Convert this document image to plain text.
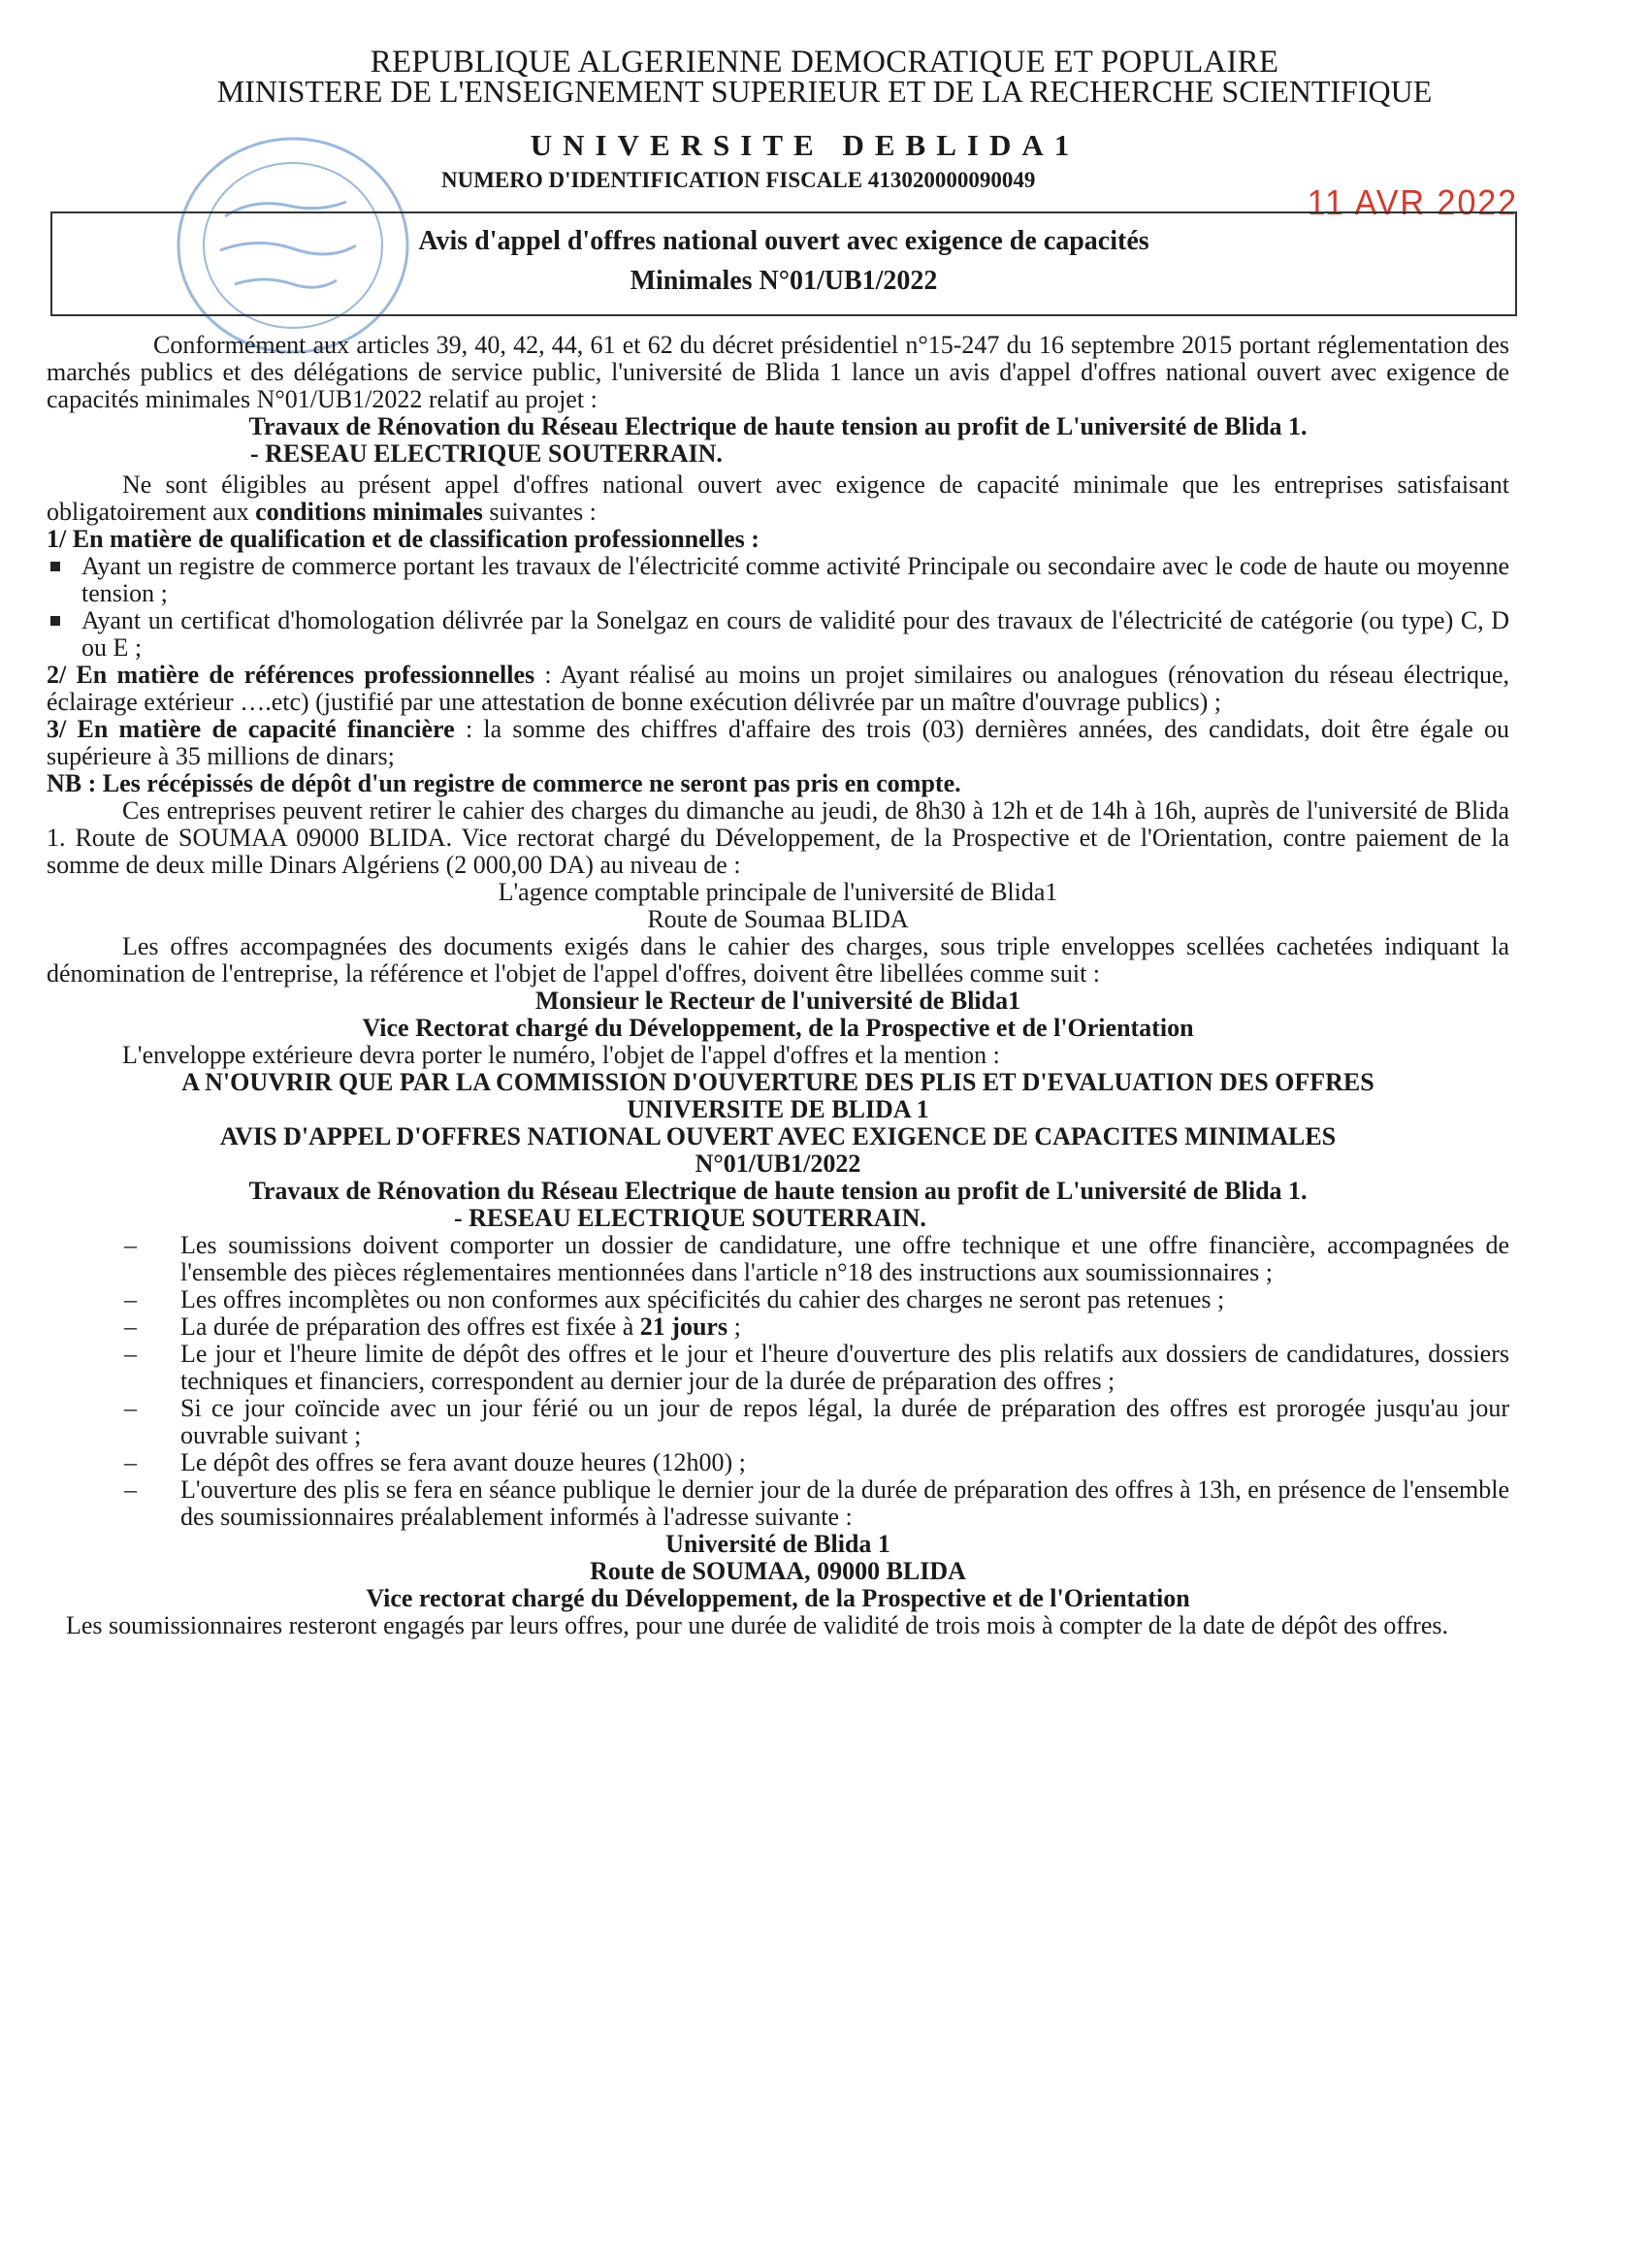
REPUBLIQUE ALGERIENNE DEMOCRATIQUE ET POPULAIRE
MINISTERE DE L'ENSEIGNEMENT SUPERIEUR ET DE LA RECHERCHE SCIENTIFIQUE
UNIVERSITE DEBLIDA1
NUMERO D'IDENTIFICATION FISCALE 413020000090049
11 AVR 2022
Avis d'appel d'offres national ouvert avec exigence de capacités
Minimales N°01/UB1/2022

Conformément aux articles 39, 40, 42, 44, 61 et 62 du décret présidentiel n°15-247 du 16 septembre 2015 portant réglementation des marchés publics et des délégations de service public, l'université de Blida 1 lance un avis d'appel d'offres national ouvert avec exigence de capacités minimales N°01/UB1/2022 relatif au projet :

Travaux de Rénovation du Réseau Electrique de haute tension au profit de L'université de Blida 1.

- RESEAU ELECTRIQUE SOUTERRAIN.

Ne sont éligibles au présent appel d'offres national ouvert avec exigence de capacité minimale que les entreprises satisfaisant obligatoirement aux conditions minimales suivantes :

1/ En matière de qualification et de classification professionnelles :

Ayant un registre de commerce portant les travaux de l'électricité comme activité Principale ou secondaire avec le code de haute ou moyenne tension ;
Ayant un certificat d'homologation délivrée par la Sonelgaz en cours de validité pour des travaux de l'électricité de catégorie (ou type) C, D ou E ;

2/ En matière de références professionnelles : Ayant réalisé au moins un projet similaires ou analogues (rénovation du réseau électrique, éclairage extérieur ….etc) (justifié par une attestation de bonne exécution délivrée par un maître d'ouvrage publics) ;

3/ En matière de capacité financière : la somme des chiffres d'affaire des trois (03) dernières années, des candidats, doit être égale ou supérieure à 35 millions de dinars;

NB : Les récépissés de dépôt d'un registre de commerce ne seront pas pris en compte.

Ces entreprises peuvent retirer le cahier des charges du dimanche au jeudi, de 8h30 à 12h et de 14h à 16h, auprès de l'université de Blida 1. Route de SOUMAA 09000 BLIDA. Vice rectorat chargé du Développement, de la Prospective et de l'Orientation, contre paiement de la somme de deux mille Dinars Algériens (2 000,00 DA) au niveau de :

L'agence comptable principale de l'université de Blida1

Route de Soumaa BLIDA

Les offres accompagnées des documents exigés dans le cahier des charges, sous triple enveloppes scellées cachetées indiquant la dénomination de l'entreprise, la référence et l'objet de l'appel d'offres, doivent être libellées comme suit :

Monsieur le Recteur de l'université de Blida1

Vice Rectorat chargé du Développement, de la Prospective et de l'Orientation

L'enveloppe extérieure devra porter le numéro, l'objet de l'appel d'offres et la mention :

A N'OUVRIR QUE PAR LA COMMISSION D'OUVERTURE DES PLIS ET D'EVALUATION DES OFFRES

UNIVERSITE DE BLIDA 1

AVIS D'APPEL D'OFFRES NATIONAL OUVERT AVEC EXIGENCE DE CAPACITES MINIMALES

N°01/UB1/2022

Travaux de Rénovation du Réseau Electrique de haute tension au profit de L'université de Blida 1.

- RESEAU ELECTRIQUE SOUTERRAIN.

–	Les soumissions doivent comporter un dossier de candidature, une offre technique et une offre financière, accompagnées de l'ensemble des pièces réglementaires mentionnées dans l'article n°18 des instructions aux soumissionnaires ;
–	Les offres incomplètes ou non conformes aux spécificités du cahier des charges ne seront pas retenues ;
–	La durée de préparation des offres est fixée à 21 jours ;
–	Le jour et l'heure limite de dépôt des offres et le jour et l'heure d'ouverture des plis relatifs aux dossiers de candidatures, dossiers techniques et financiers, correspondent au dernier jour de la durée de préparation des offres ;
–	Si ce jour coïncide avec un jour férié ou un jour de repos légal, la durée de préparation des offres est prorogée jusqu'au jour ouvrable suivant ;
–	Le dépôt des offres se fera avant douze heures (12h00) ;
–	L'ouverture des plis se fera en séance publique le dernier jour de la durée de préparation des offres à 13h, en présence de l'ensemble des soumissionnaires préalablement informés à l'adresse suivante :

Université de Blida 1

Route de SOUMAA, 09000 BLIDA

Vice rectorat chargé du Développement, de la Prospective et de l'Orientation

Les soumissionnaires resteront engagés par leurs offres, pour une durée de validité de trois mois à compter de la date de dépôt des offres.
